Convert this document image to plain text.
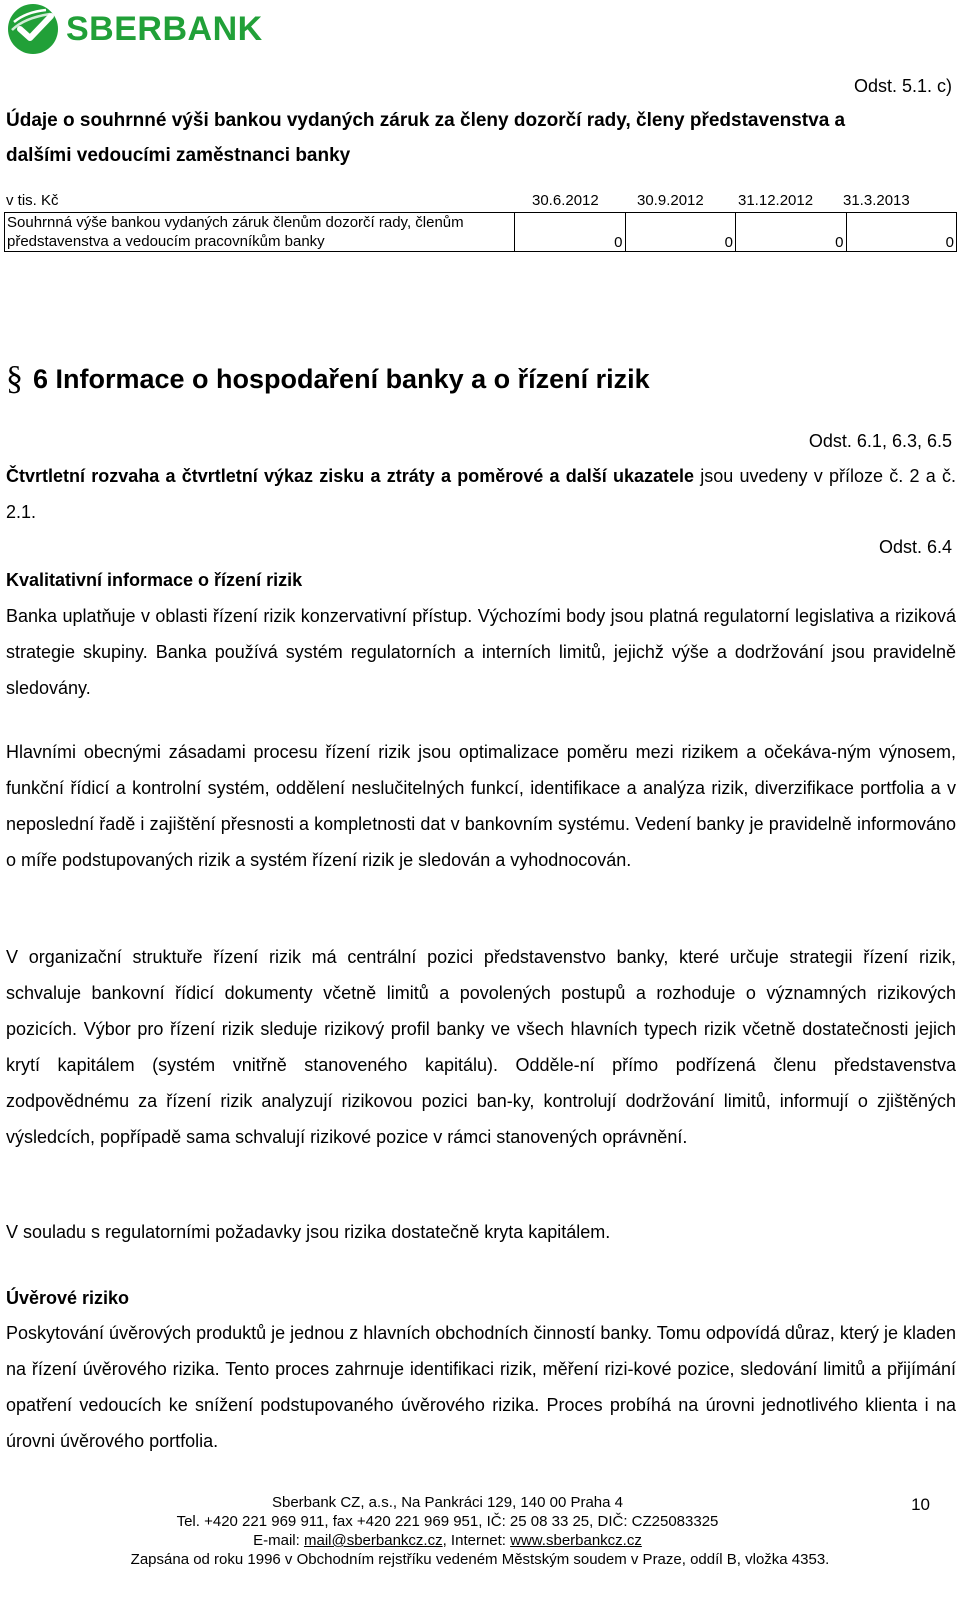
SBERBANK
Odst. 5.1. c)
Údaje o souhrnné výši bankou vydaných záruk za členy dozorčí rady, členy představenstva a
dalšími vedoucími zaměstnanci banky
v tis. Kč	30.6.2012	30.9.2012 31.12.2012 31.3.2013
Souhrnná výše bankou vydaných záruk členům dozorčí rady, členům
představenstva a vedoucím pracovníkům banky	0	0	0	0
§ 6 Informace o hospodaření banky a o řízení rizik
Odst. 6.1, 6.3, 6.5
Čtvrtletní rozvaha a čtvrtletní výkaz zisku a ztráty a poměrové a další ukazatele jsou uvedeny v příloze č. 2 a č. 2.1.
Odst. 6.4
Kvalitativní informace o řízení rizik
Banka uplatňuje v oblasti řízení rizik konzervativní přístup. Výchozími body jsou platná regulatorní legislativa a riziková strategie skupiny. Banka používá systém regulatorních a interních limitů, jejichž výše a dodržování jsou pravidelně sledovány.
Hlavními obecnými zásadami procesu řízení rizik jsou optimalizace poměru mezi rizikem a očekáva-ným výnosem, funkční řídicí a kontrolní systém, oddělení neslučitelných funkcí, identifikace a analýza rizik, diverzifikace portfolia a v neposlední řadě i zajištění přesnosti a kompletnosti dat v bankovním systému. Vedení banky je pravidelně informováno o míře podstupovaných rizik a systém řízení rizik je sledován a vyhodnocován.
V organizační struktuře řízení rizik má centrální pozici představenstvo banky, které určuje strategii řízení rizik, schvaluje bankovní řídicí dokumenty včetně limitů a povolených postupů a rozhoduje o významných rizikových pozicích. Výbor pro řízení rizik sleduje rizikový profil banky ve všech hlavních typech rizik včetně dostatečnosti jejich krytí kapitálem (systém vnitřně stanoveného kapitálu). Odděle-ní přímo podřízená členu představenstva zodpovědnému za řízení rizik analyzují rizikovou pozici ban-ky, kontrolují dodržování limitů, informují o zjištěných výsledcích, popřípadě sama schvalují rizikové pozice v rámci stanovených oprávnění.
V souladu s regulatorními požadavky jsou rizika dostatečně kryta kapitálem.
Úvěrové riziko
Poskytování úvěrových produktů je jednou z hlavních obchodních činností banky. Tomu odpovídá důraz, který je kladen na řízení úvěrového rizika. Tento proces zahrnuje identifikaci rizik, měření rizi-kové pozice, sledování limitů a přijímání opatření vedoucích ke snížení podstupovaného úvěrového rizika. Proces probíhá na úrovni jednotlivého klienta i na úrovni úvěrového portfolia.
Sberbank CZ, a.s., Na Pankráci 129, 140 00 Praha 4
Tel. +420 221 969 911, fax +420 221 969 951, IČ: 25 08 33 25, DIČ: CZ25083325
E-mail: mail@sberbankcz.cz, Internet: www.sberbankcz.cz
Zapsána od roku 1996 v Obchodním rejstříku vedeném Městským soudem v Praze, oddíl B, vložka 4353.
10
